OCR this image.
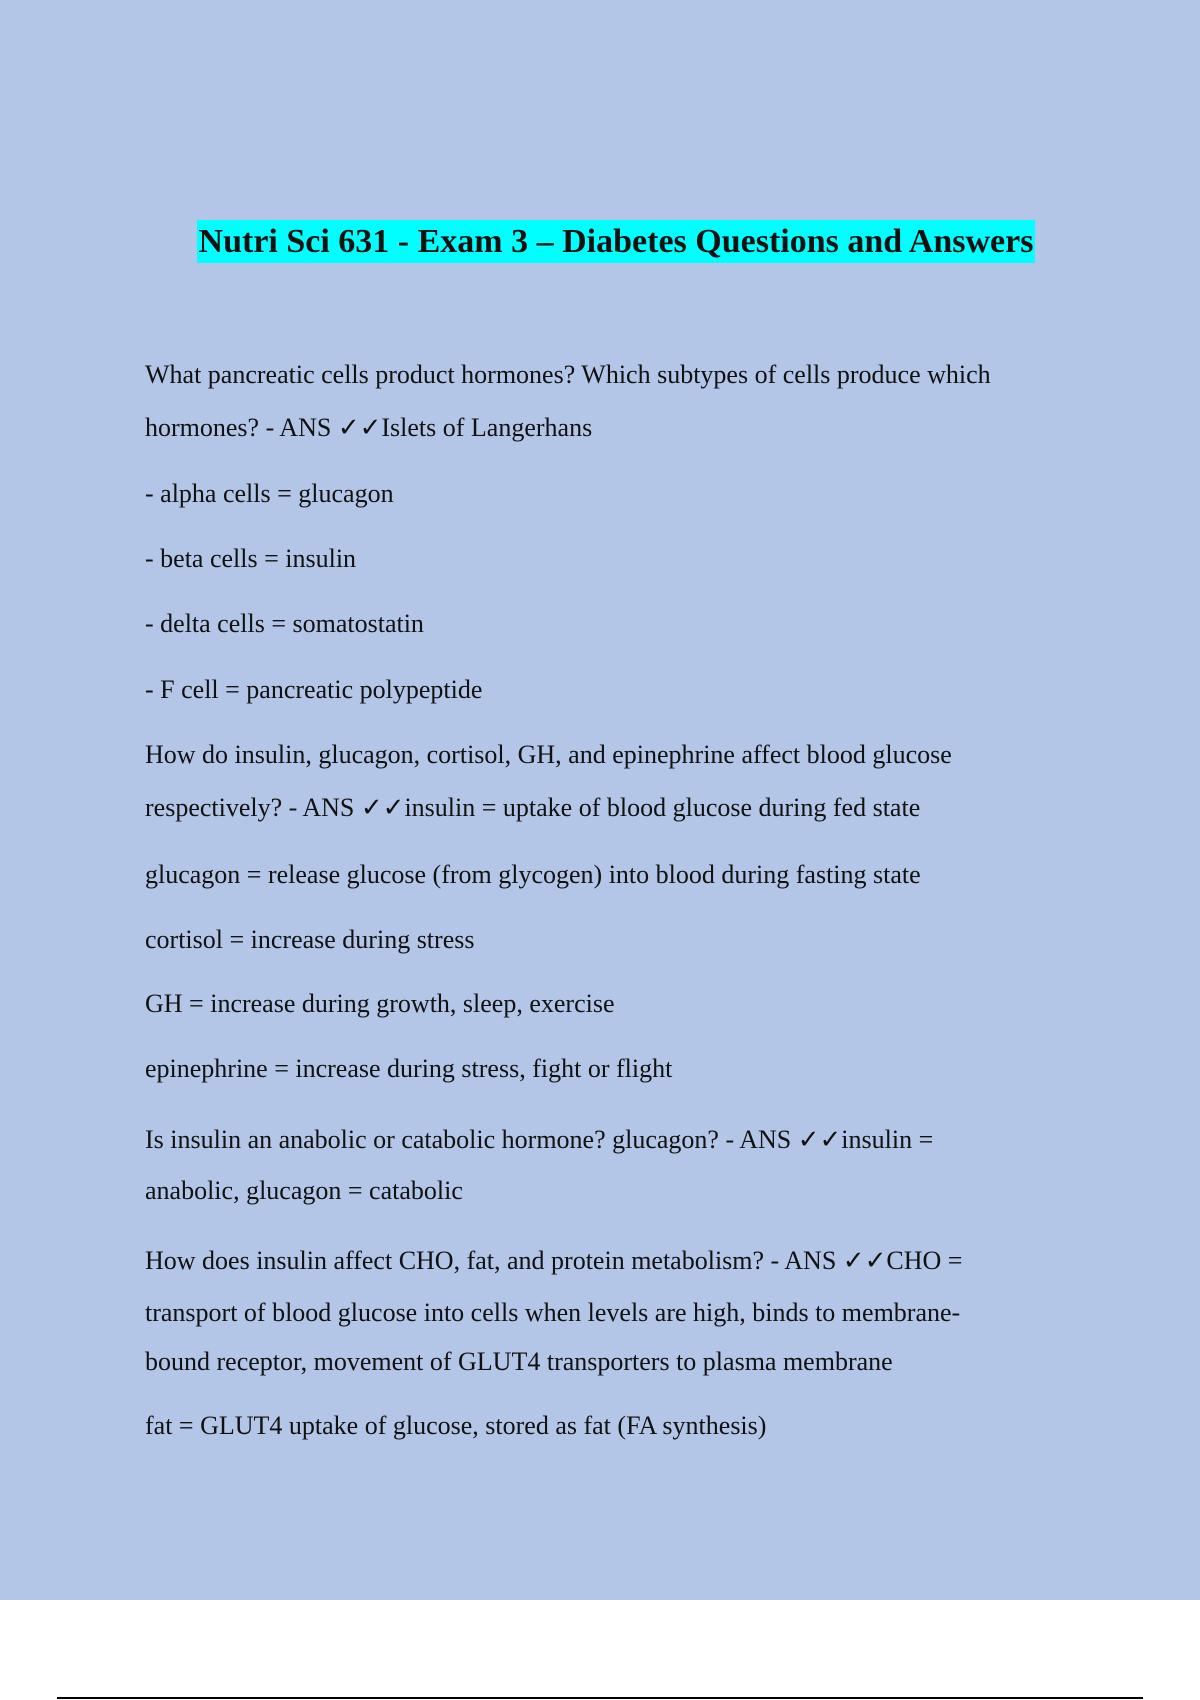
Nutri Sci 631 - Exam 3 – Diabetes Questions and Answers

What pancreatic cells product hormones? Which subtypes of cells produce which

hormones? - ANS ✓✓Islets of Langerhans

- alpha cells = glucagon

- beta cells = insulin

- delta cells = somatostatin

- F cell = pancreatic polypeptide

How do insulin, glucagon, cortisol, GH, and epinephrine affect blood glucose

respectively? - ANS ✓✓insulin = uptake of blood glucose during fed state

glucagon = release glucose (from glycogen) into blood during fasting state

cortisol = increase during stress

GH = increase during growth, sleep, exercise

epinephrine = increase during stress, fight or flight

Is insulin an anabolic or catabolic hormone? glucagon? - ANS ✓✓insulin =

anabolic, glucagon = catabolic

How does insulin affect CHO, fat, and protein metabolism? - ANS ✓✓CHO =

transport of blood glucose into cells when levels are high, binds to membrane-

bound receptor, movement of GLUT4 transporters to plasma membrane

fat = GLUT4 uptake of glucose, stored as fat (FA synthesis)
